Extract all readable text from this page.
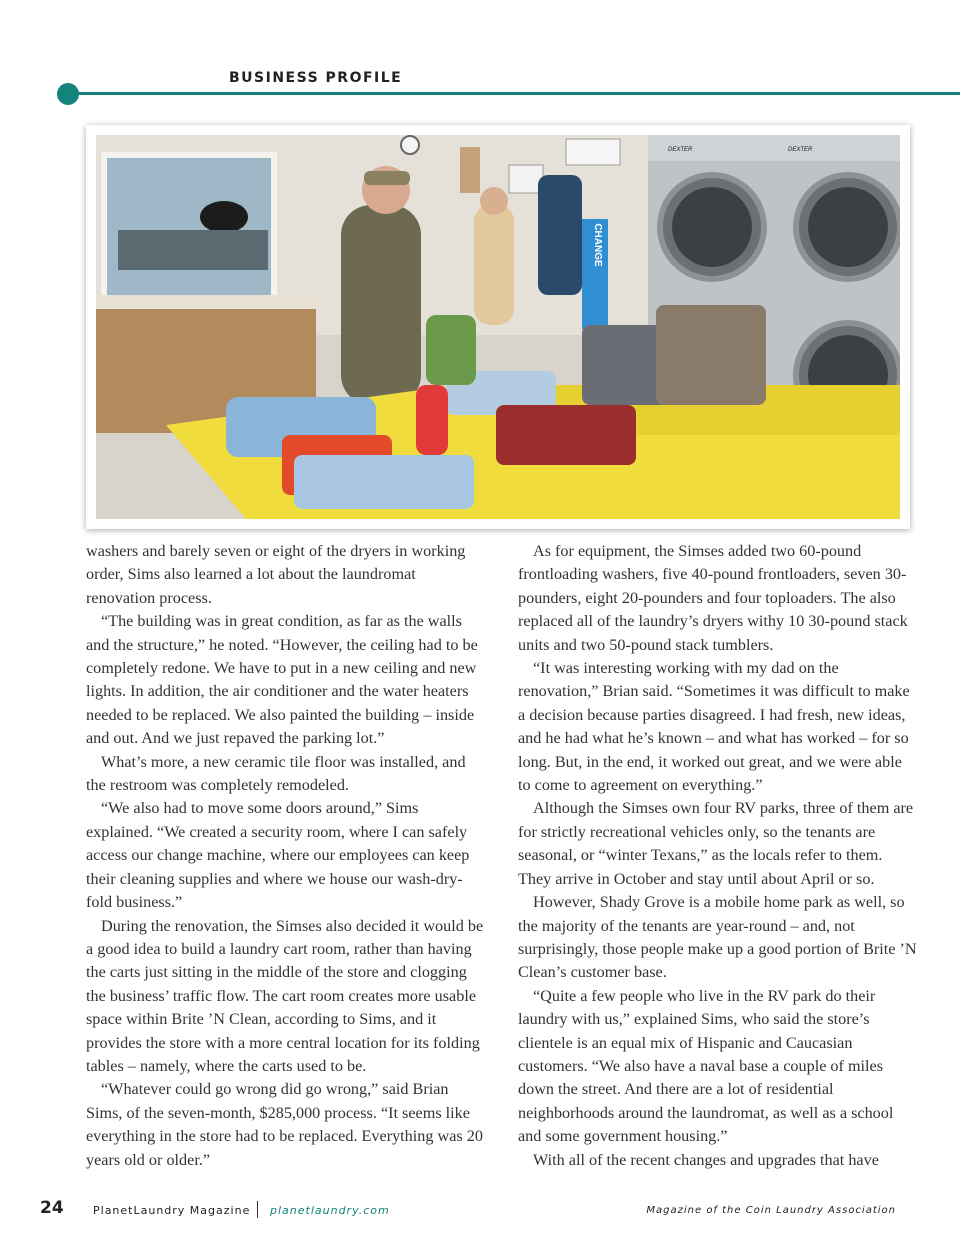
BUSINESS PROFILE
CHANGE
DEXTER	DEXTER

washers and barely seven or eight of the dryers in working order, Sims also learned a lot about the laundromat renovation process.

“The building was in great condition, as far as the walls and the structure,” he noted. “However, the ceiling had to be completely redone. We have to put in a new ceiling and new lights. In addition, the air conditioner and the water heaters needed to be replaced. We also painted the building – inside and out. And we just repaved the parking lot.”

What’s more, a new ceramic tile floor was installed, and the restroom was completely remodeled.

“We also had to move some doors around,” Sims explained. “We created a security room, where I can safely access our change machine, where our employees can keep their cleaning supplies and where we house our wash-dry-fold business.”

During the renovation, the Simses also decided it would be a good idea to build a laundry cart room, rather than having the carts just sitting in the middle of the store and clogging the business’ traffic flow. The cart room creates more usable space within Brite ’N Clean, according to Sims, and it provides the store with a more central location for its folding tables – namely, where the carts used to be.

“Whatever could go wrong did go wrong,” said Brian Sims, of the seven-month, $285,000 process. “It seems like everything in the store had to be replaced. Everything was 20 years old or older.”

As for equipment, the Simses added two 60-pound frontloading washers, five 40-pound frontloaders, seven 30-pounders, eight 20-pounders and four toploaders. The also replaced all of the laundry’s dryers withy 10 30-pound stack units and two 50-pound stack tumblers.

“It was interesting working with my dad on the renovation,” Brian said. “Sometimes it was difficult to make a decision because parties disagreed. I had fresh, new ideas, and he had what he’s known – and what has worked – for so long. But, in the end, it worked out great, and we were able to come to agreement on everything.”

Although the Simses own four RV parks, three of them are for strictly recreational vehicles only, so the tenants are seasonal, or “winter Texans,” as the locals refer to them. They arrive in October and stay until about April or so.

However, Shady Grove is a mobile home park as well, so the majority of the tenants are year-round – and, not surprisingly, those people make up a good portion of Brite ’N Clean’s customer base.

“Quite a few people who live in the RV park do their laundry with us,” explained Sims, who said the store’s clientele is an equal mix of Hispanic and Caucasian customers. “We also have a naval base a couple of miles down the street. And there are a lot of residential neighborhoods around the laundromat, as well as a school and some government housing.”

With all of the recent changes and upgrades that have

24	PlanetLaundry Magazine planetlaundry.com	Magazine of the Coin Laundry Association
